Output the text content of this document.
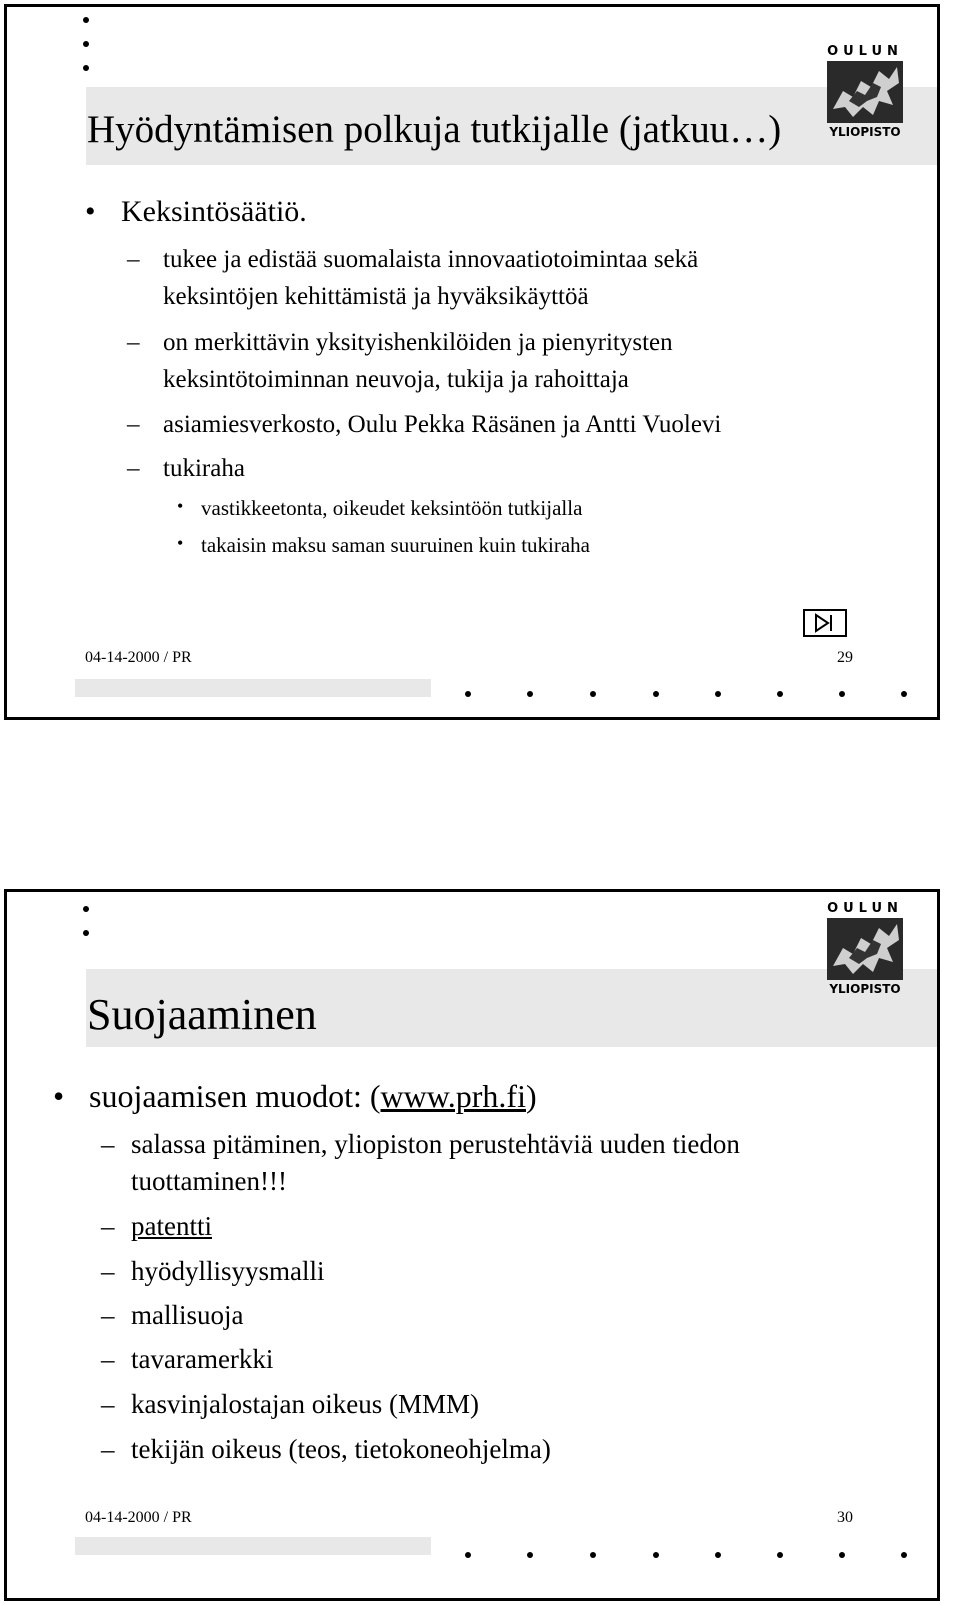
Hyödyntämisen polkuja tutkijalle (jatkuu…)
OULUN
YLIOPISTO
• Keksintösäätiö.
– tukee ja edistää suomalaista innovaatiotoimintaa sekä
keksintöjen kehittämistä ja hyväksikäyttöä
– on merkittävin yksityishenkilöiden ja pienyritysten
keksintötoiminnan neuvoja, tukija ja rahoittaja
– asiamiesverkosto, Oulu Pekka Räsänen ja Antti Vuolevi
– tukiraha
• vastikkeetonta, oikeudet keksintöön tutkijalla
• takaisin maksu saman suuruinen kuin tukiraha
04-14-2000 / PR	29
Suojaaminen
OULUN
YLIOPISTO
• suojaamisen muodot: (www.prh.fi)
– salassa pitäminen, yliopiston perustehtäviä uuden tiedon
tuottaminen!!!
– patentti
– hyödyllisyysmalli
– mallisuoja
– tavaramerkki
– kasvinjalostajan oikeus (MMM)
– tekijän oikeus (teos, tietokoneohjelma)
04-14-2000 / PR	30
